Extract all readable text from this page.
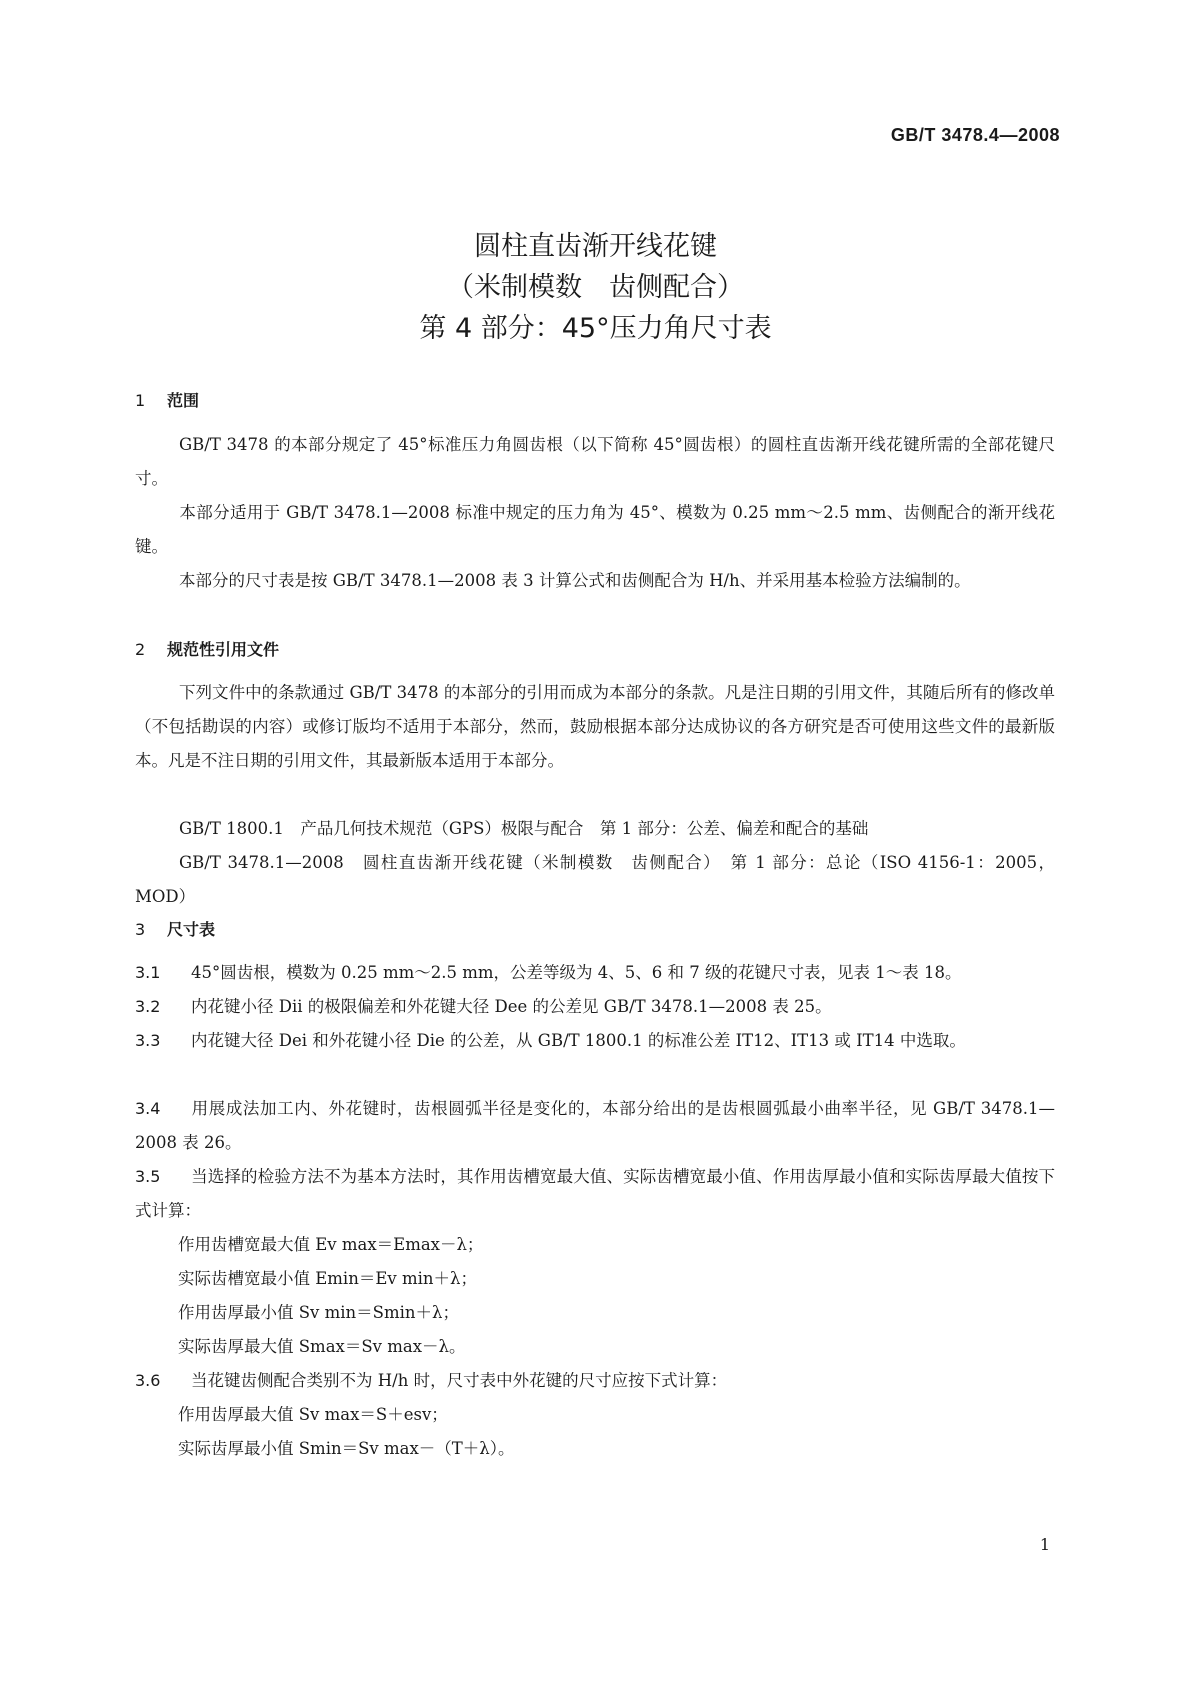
GB/T 3478.4—2008
圆柱直齿渐开线花键
（米制模数　齿侧配合）
第 4 部分：45°压力角尺寸表
1 范围
GB/T 3478 的本部分规定了 45°标准压力角圆齿根（以下简称 45°圆齿根）的圆柱直齿渐开线花键所需的全部花键尺寸。
本部分适用于 GB/T 3478.1—2008 标准中规定的压力角为 45°、模数为 0.25 mm～2.5 mm、齿侧配合的渐开线花键。
本部分的尺寸表是按 GB/T 3478.1—2008 表 3 计算公式和齿侧配合为 H/h、并采用基本检验方法编制的。
2 规范性引用文件
下列文件中的条款通过 GB/T 3478 的本部分的引用而成为本部分的条款。凡是注日期的引用文件，其随后所有的修改单（不包括勘误的内容）或修订版均不适用于本部分，然而，鼓励根据本部分达成协议的各方研究是否可使用这些文件的最新版本。凡是不注日期的引用文件，其最新版本适用于本部分。
GB/T 1800.1　产品几何技术规范（GPS）极限与配合　第 1 部分：公差、偏差和配合的基础
GB/T 3478.1—2008　圆柱直齿渐开线花键（米制模数　齿侧配合）　第 1 部分：总论（ISO 4156-1：2005，MOD）
3 尺寸表
3.1 45°圆齿根，模数为 0.25 mm～2.5 mm，公差等级为 4、5、6 和 7 级的花键尺寸表，见表 1～表 18。
3.2 内花键小径 Dii 的极限偏差和外花键大径 Dee 的公差见 GB/T 3478.1—2008 表 25。
3.3 内花键大径 Dei 和外花键小径 Die 的公差，从 GB/T 1800.1 的标准公差 IT12、IT13 或 IT14 中选取。
3.4 用展成法加工内、外花键时，齿根圆弧半径是变化的，本部分给出的是齿根圆弧最小曲率半径，见 GB/T 3478.1—2008 表 26。
3.5 当选择的检验方法不为基本方法时，其作用齿槽宽最大值、实际齿槽宽最小值、作用齿厚最小值和实际齿厚最大值按下式计算：
作用齿槽宽最大值 Ev max＝Emax－λ；
实际齿槽宽最小值 Emin＝Ev min＋λ；
作用齿厚最小值 Sv min＝Smin＋λ；
实际齿厚最大值 Smax＝Sv max－λ。
3.6 当花键齿侧配合类别不为 H/h 时，尺寸表中外花键的尺寸应按下式计算：
作用齿厚最大值 Sv max＝S＋esv；
实际齿厚最小值 Smin＝Sv max－（T＋λ）。
1
